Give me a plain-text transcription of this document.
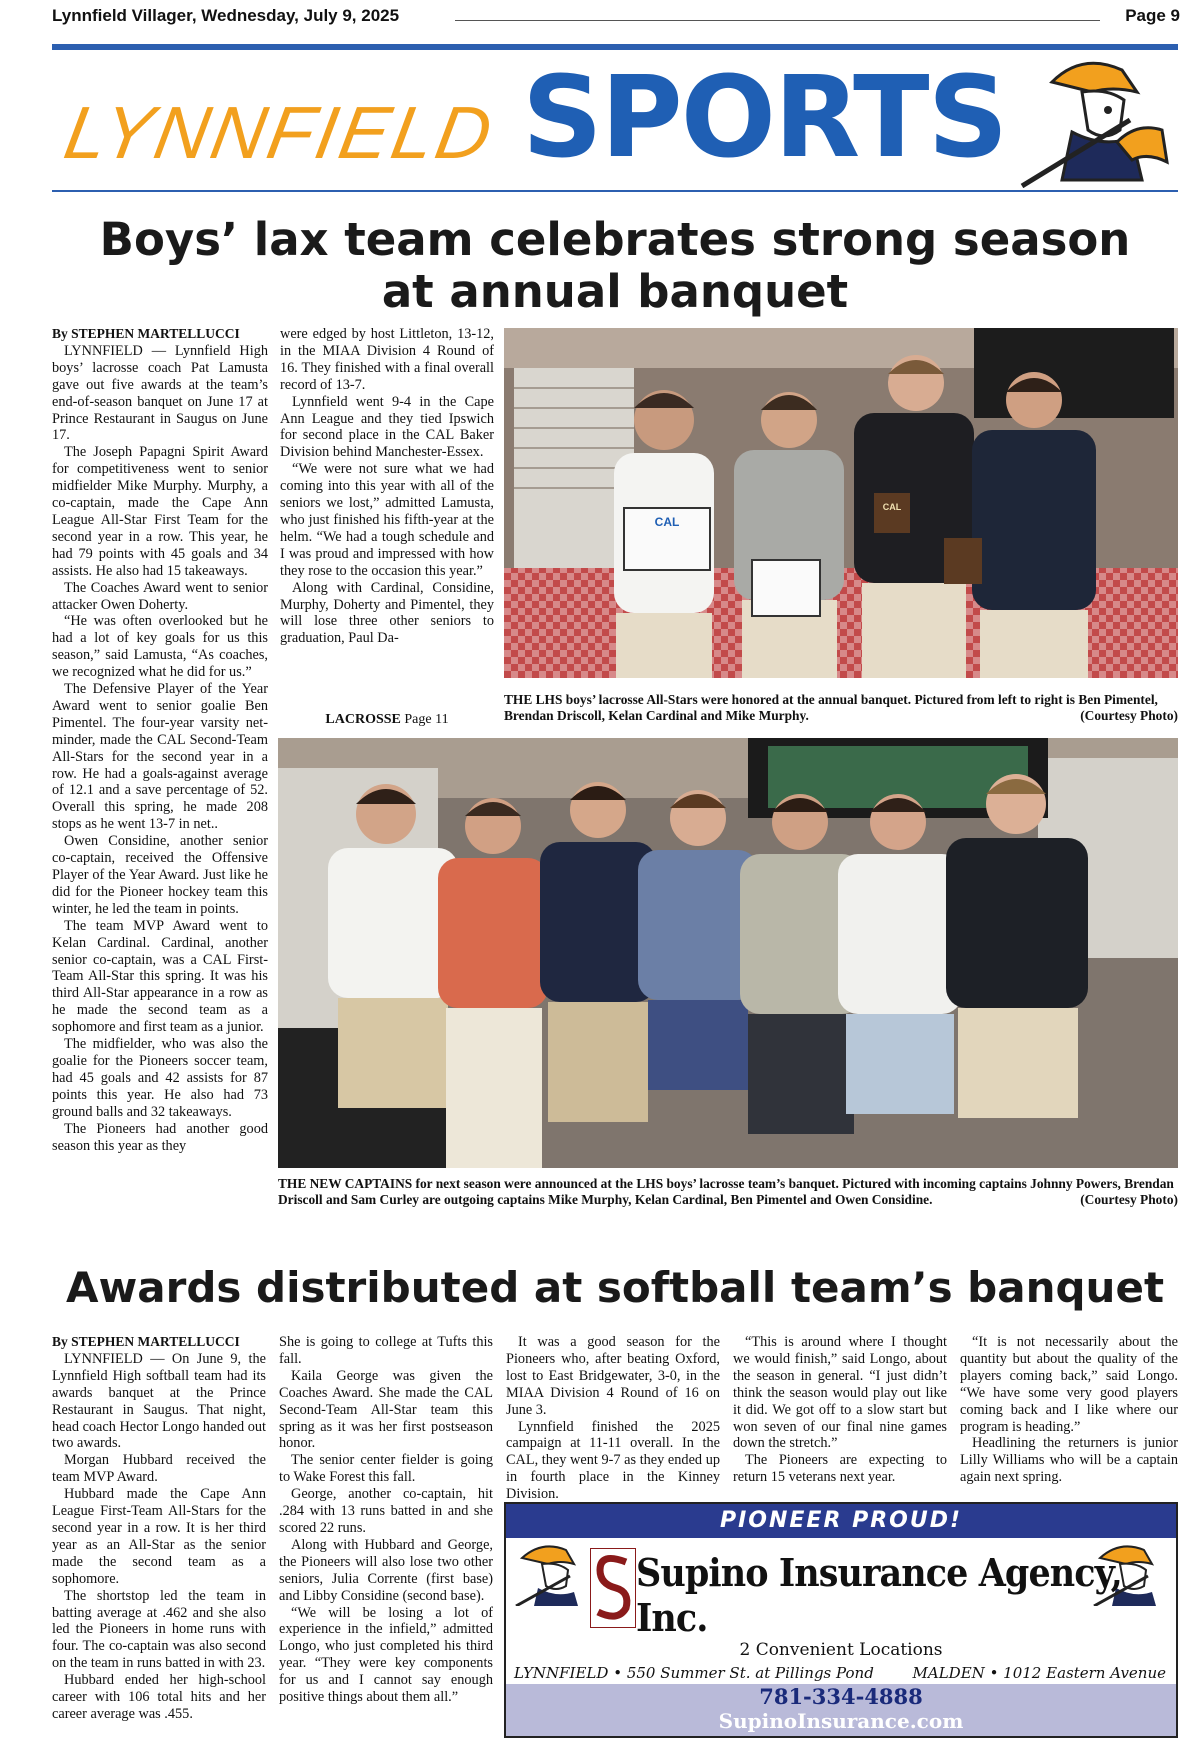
Lynnfield Villager, Wednesday, July 9, 2025	Page 9
LYNNFIELD SPORTS
Boys’ lax team celebrates strong season
at annual banquet

By STEPHEN MARTELLUCCI

LYNNFIELD — Lynnfield High boys’ lacrosse coach Pat Lamusta gave out five awards at the team’s end-of-season banquet on June 17 at Prince Restaurant in Saugus on June 17.

The Joseph Papagni Spirit Award for competitiveness went to senior midfielder Mike Murphy. Murphy, a co-captain, made the Cape Ann League All-Star First Team for the second year in a row. This year, he had 79 points with 45 goals and 34 assists. He also had 15 takeaways.

The Coaches Award went to senior attacker Owen Doherty.

“He was often overlooked but he had a lot of key goals for us this season,” said Lamusta, “As coaches, we recognized what he did for us.”

The Defensive Player of the Year Award went to senior goalie Ben Pimentel. The four-year varsity net-minder, made the CAL Second-Team All-Stars for the second year in a row. He had a goals-against average of 12.1 and a save percentage of 52. Overall this spring, he made 208 stops as he went 13-7 in net..

Owen Considine, another senior co-captain, received the Offensive Player of the Year Award. Just like he did for the Pioneer hockey team this winter, he led the team in points.

The team MVP Award went to Kelan Cardinal. Cardinal, another senior co-captain, was a CAL First-Team All-Star this spring. It was his third All-Star appearance in a row as he made the second team as a sophomore and first team as a junior.

The midfielder, who was also the goalie for the Pioneers soccer team, had 45 goals and 42 assists for 87 points this year. He also had 73 ground balls and 32 takeaways.

The Pioneers had another good season this year as they

were edged by host Littleton, 13-12, in the MIAA Division 4 Round of 16. They finished with a final overall record of 13-7.

Lynnfield went 9-4 in the Cape Ann League and they tied Ipswich for second place in the CAL Baker Division behind Manchester-Essex.

“We were not sure what we had coming into this year with all of the seniors we lost,” admitted Lamusta, who just finished his fifth-year at the helm. “We had a tough schedule and I was proud and impressed with how they rose to the occasion this year.”

Along with Cardinal, Considine, Murphy, Doherty and Pimentel, they will lose three other seniors to graduation, Paul Da-

LACROSSE Page 11
CAL
CAL
THE LHS boys’ lacrosse All-Stars were honored at the annual banquet. Pictured from left to right is Ben Pimentel, Brendan Driscoll, Kelan Cardinal and Mike Murphy.	(Courtesy Photo)
THE NEW CAPTAINS for next season were announced at the LHS boys’ lacrosse team’s banquet. Pictured with incoming captains Johnny Powers, Brendan Driscoll and Sam Curley are outgoing captains Mike Murphy, Kelan Cardinal, Ben Pimentel and Owen Considine.	(Courtesy Photo)
Awards distributed at softball team’s banquet

By STEPHEN MARTELLUCCI

LYNNFIELD — On June 9, the Lynnfield High softball team had its awards banquet at the Prince Restaurant in Saugus. That night, head coach Hector Longo handed out two awards.

Morgan Hubbard received the team MVP Award.

Hubbard made the Cape Ann League First-Team All-Stars for the second year in a row. It is her third year as an All-Star as the senior made the second team as a sophomore.

The shortstop led the team in batting average at .462 and she also led the Pioneers in home runs with four. The co-captain was also second on the team in runs batted in with 23.

Hubbard ended her high-school career with 106 total hits and her career average was .455.

She is going to college at Tufts this fall.

Kaila George was given the Coaches Award. She made the CAL Second-Team All-Star team this spring as it was her first postseason honor.

The senior center fielder is going to Wake Forest this fall.

George, another co-captain, hit .284 with 13 runs batted in and she scored 22 runs.

Along with Hubbard and George, the Pioneers will also lose two other seniors, Julia Corrente (first base) and Libby Considine (second base).

“We will be losing a lot of experience in the infield,” admitted Longo, who just completed his third year. “They were key components for us and I cannot say enough positive things about them all.”

It was a good season for the Pioneers who, after beating Oxford, lost to East Bridgewater, 3-0, in the MIAA Division 4 Round of 16 on June 3.

Lynnfield finished the 2025 campaign at 11-11 overall. In the CAL, they went 9-7 as they ended up in fourth place in the Kinney Division.

“This is around where I thought we would finish,” said Longo, about the season in general. “I just didn’t think the season would play out like it did. We got off to a slow start but won seven of our final nine games down the stretch.”

The Pioneers are expecting to return 15 veterans next year.

“It is not necessarily about the quantity but about the quality of the players coming back,” said Longo. “We have some very good players coming back and I like where our program is heading.”

Headlining the returners is junior Lilly Williams who will be a captain again next spring.

PIONEER PROUD!
Supino Insurance Agency, Inc.
2 Convenient Locations
LYNNFIELD • 550 Summer St. at Pillings Pond	MALDEN • 1012 Eastern Avenue
781-334-4888
SupinoInsurance.com
